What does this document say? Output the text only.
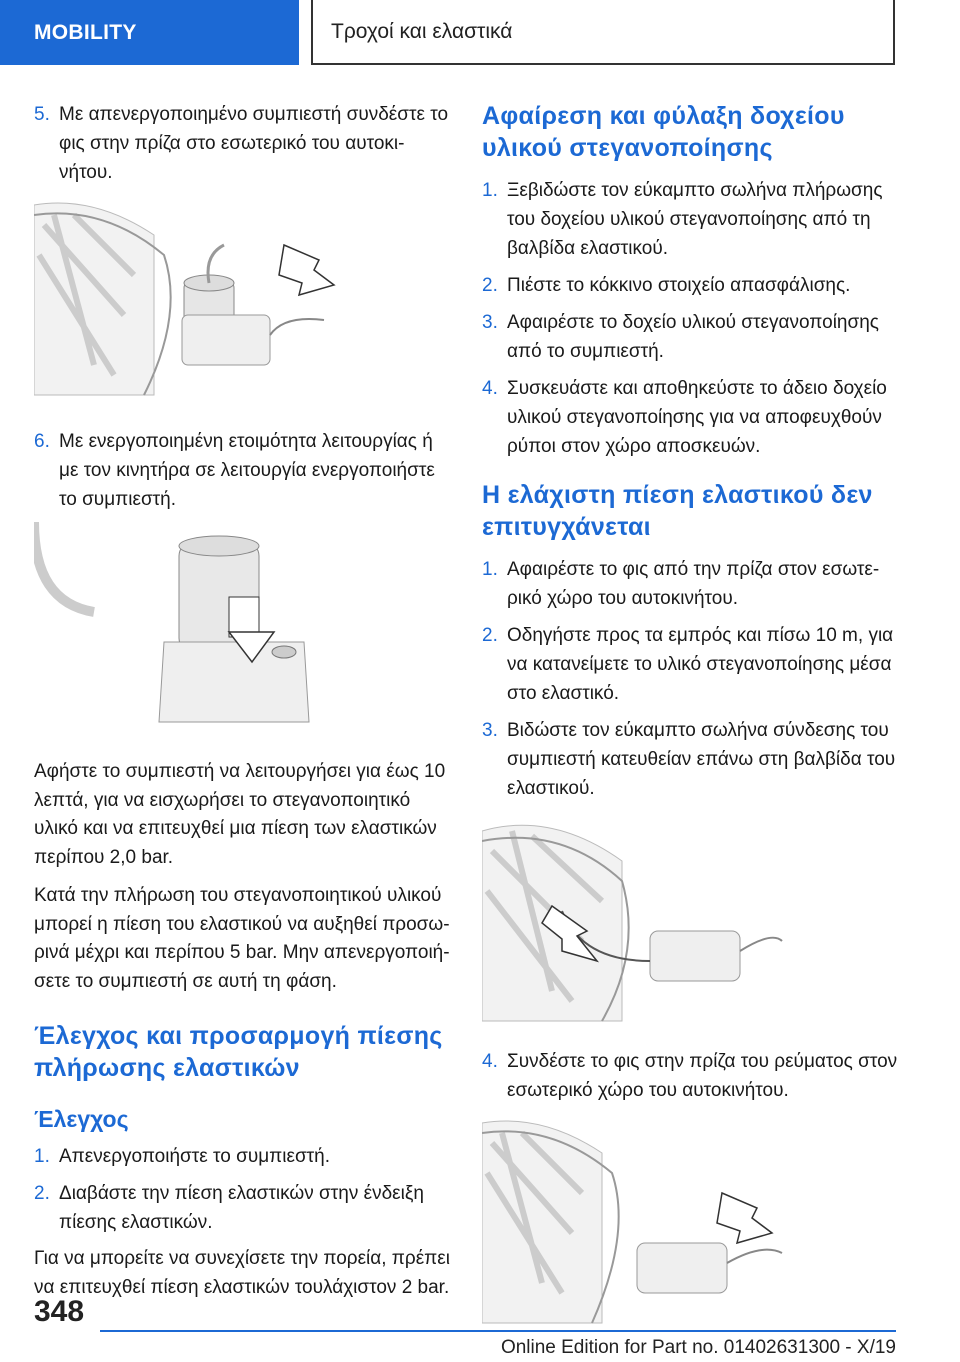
MOBILITY	Τροχοί και ελαστικά
5. Με απενεργοποιημένο συμπιεστή συνδέστε το φις στην πρίζα στο εσωτερικό του αυτοκινήτου.
6. Με ενεργοποιημένη ετοιμότητα λειτουργίας ή με τον κινητήρα σε λειτουργία ενεργοποιήστε το συμπιεστή.

Αφήστε το συμπιεστή να λειτουργήσει για έως 10 λεπτά, για να εισχωρήσει το στεγανοποιητικό υλικό και να επιτευχθεί μια πίεση των ελαστικών περίπου 2,0 bar.

Κατά την πλήρωση του στεγανοποιητικού υλικού μπορεί η πίεση του ελαστικού να αυξηθεί προσωρινά μέχρι και περίπου 5 bar. Μην απενεργοποιήσετε το συμπιεστή σε αυτή τη φάση.

Έλεγχος και προσαρμογή πίεσης πλήρωσης ελαστικών
Έλεγχος
1. Απενεργοποιήστε το συμπιεστή.
2. Διαβάστε την πίεση ελαστικών στην ένδειξη πίεσης ελαστικών.

Για να μπορείτε να συνεχίσετε την πορεία, πρέπει να επιτευχθεί πίεση ελαστικών τουλάχιστον 2 bar.

Αφαίρεση και φύλαξη δοχείου υλικού στεγανοποίησης
1. Ξεβιδώστε τον εύκαμπτο σωλήνα πλήρωσης του δοχείου υλικού στεγανοποίησης από τη βαλβίδα ελαστικού.
2. Πιέστε το κόκκινο στοιχείο απασφάλισης.
3. Αφαιρέστε το δοχείο υλικού στεγανοποίησης από το συμπιεστή.
4. Συσκευάστε και αποθηκεύστε το άδειο δοχείο υλικού στεγανοποίησης για να αποφευχθούν ρύποι στον χώρο αποσκευών.
Η ελάχιστη πίεση ελαστικού δεν επιτυγχάνεται
1. Αφαιρέστε το φις από την πρίζα στον εσωτερικό χώρο του αυτοκινήτου.
2. Οδηγήστε προς τα εμπρός και πίσω 10 m, για να κατανείμετε το υλικό στεγανοποίησης μέσα στο ελαστικό.
3. Βιδώστε τον εύκαμπτο σωλήνα σύνδεσης του συμπιεστή κατευθείαν επάνω στη βαλβίδα του ελαστικού.
4. Συνδέστε το φις στην πρίζα του ρεύματος στον εσωτερικό χώρο του αυτοκινήτου.
348
Online Edition for Part no. 01402631300 - X/19
